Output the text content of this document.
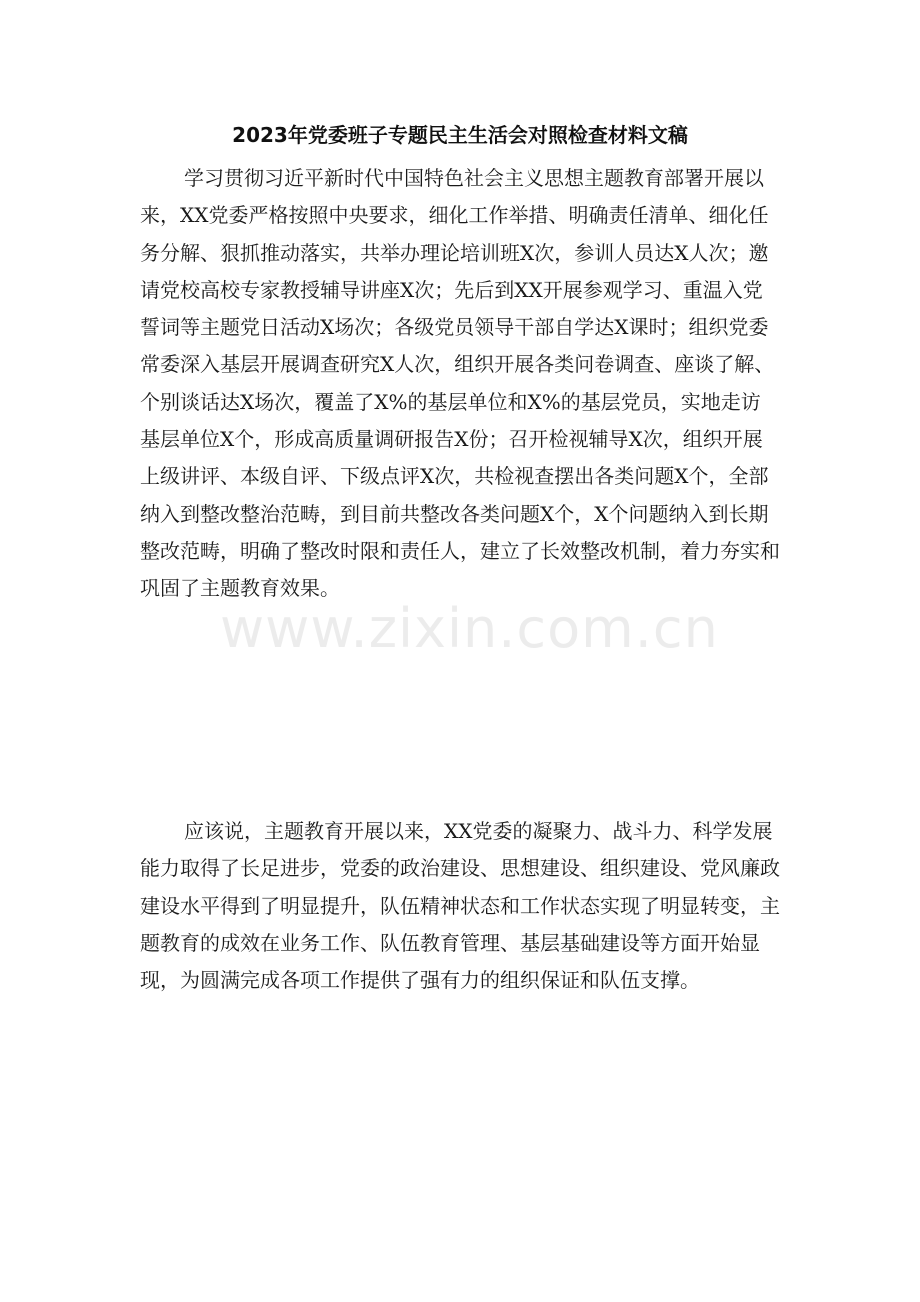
2023年党委班子专题民主生活会对照检查材料文稿

学习贯彻习近平新时代中国特色社会主义思想主题教育部署开展以来，XX党委严格按照中央要求，细化工作举措、明确责任清单、细化任务分解、狠抓推动落实，共举办理论培训班X次，参训人员达X人次；邀请党校高校专家教授辅导讲座X次；先后到XX开展参观学习、重温入党誓词等主题党日活动X场次；各级党员领导干部自学达X课时；组织党委常委深入基层开展调查研究X人次，组织开展各类问卷调查、座谈了解、个别谈话达X场次，覆盖了X%的基层单位和X%的基层党员，实地走访基层单位X个，形成高质量调研报告X份；召开检视辅导X次，组织开展上级讲评、本级自评、下级点评X次，共检视查摆出各类问题X个，全部纳入到整改整治范畴，到目前共整改各类问题X个，X个问题纳入到长期整改范畴，明确了整改时限和责任人，建立了长效整改机制，着力夯实和巩固了主题教育效果。

应该说，主题教育开展以来，XX党委的凝聚力、战斗力、科学发展能力取得了长足进步，党委的政治建设、思想建设、组织建设、党风廉政建设水平得到了明显提升，队伍精神状态和工作状态实现了明显转变，主题教育的成效在业务工作、队伍教育管理、基层基础建设等方面开始显现，为圆满完成各项工作提供了强有力的组织保证和队伍支撑。

www.zixin.com.cn
